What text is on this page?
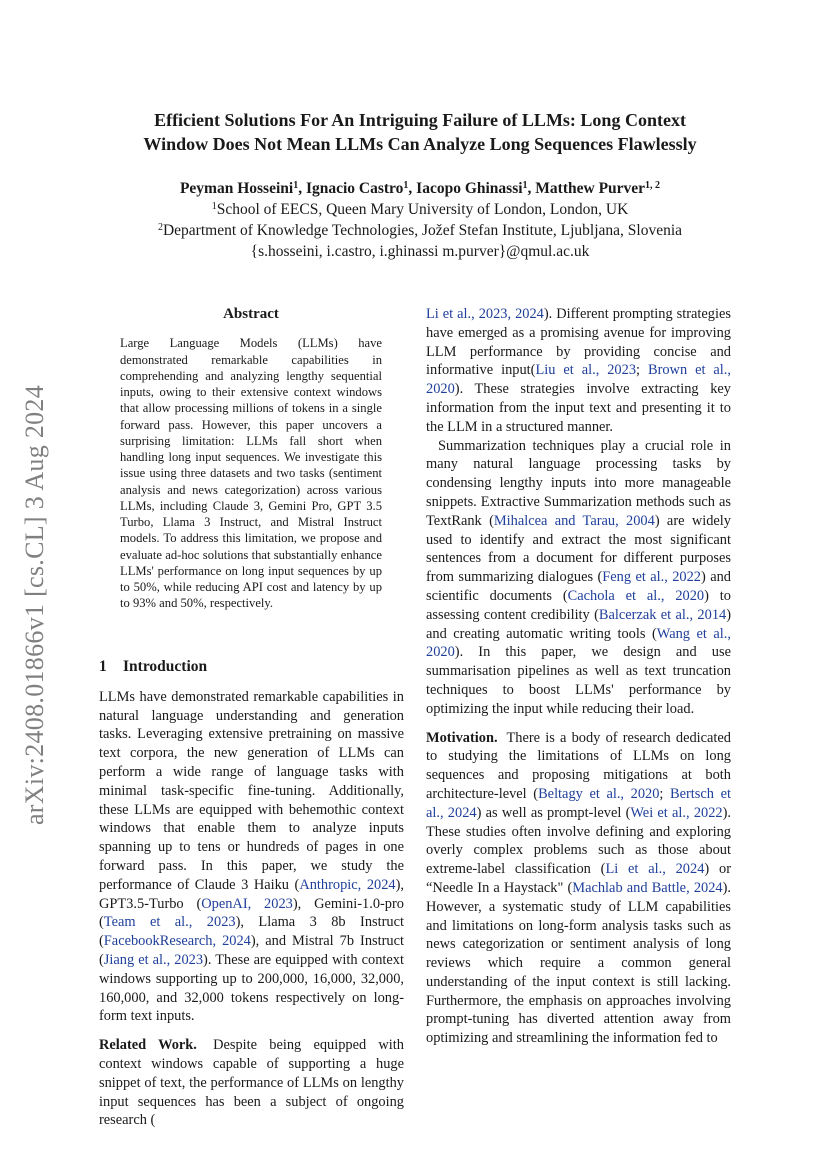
arXiv:2408.01866v1 [cs.CL] 3 Aug 2024
Efficient Solutions For An Intriguing Failure of LLMs: Long Context
Window Does Not Mean LLMs Can Analyze Long Sequences Flawlessly
Peyman Hosseini$^1$, Ignacio Castro$^1$, Iacopo Ghinassi$^1$, Matthew Purver$^{1, 2}$
$^1$School of EECS, Queen Mary University of London, London, UK
$^2$Department of Knowledge Technologies, Jožef Stefan Institute, Ljubljana, Slovenia
{s.hosseini, i.castro, i.ghinassi m.purver}@qmul.ac.uk
Abstract

Large Language Models (LLMs) have demonstrated remarkable capabilities in comprehending and analyzing lengthy sequential inputs, owing to their extensive context windows that allow processing millions of tokens in a single forward pass. However, this paper uncovers a surprising limitation: LLMs fall short when handling long input sequences. We investigate this issue using three datasets and two tasks (sentiment analysis and news categorization) across various LLMs, including Claude 3, Gemini Pro, GPT 3.5 Turbo, Llama 3 Instruct, and Mistral Instruct models. To address this limitation, we propose and evaluate ad-hoc solutions that substantially enhance LLMs' performance on long input sequences by up to 50%, while reducing API cost and latency by up to 93% and 50%, respectively.

1 Introduction

LLMs have demonstrated remarkable capabilities in natural language understanding and generation tasks. Leveraging extensive pretraining on massive text corpora, the new generation of LLMs can perform a wide range of language tasks with minimal task-specific fine-tuning. Additionally, these LLMs are equipped with behemothic context windows that enable them to analyze inputs spanning up to tens or hundreds of pages in one forward pass. In this paper, we study the performance of Claude 3 Haiku (Anthropic, 2024), GPT3.5-Turbo (OpenAI, 2023), Gemini-1.0-pro (Team et al., 2023), Llama 3 8b Instruct (FacebookResearch, 2024), and Mistral 7b Instruct (Jiang et al., 2023). These are equipped with context windows supporting up to 200,000, 16,000, 32,000, 160,000, and 32,000 tokens respectively on long-form text inputs.

Related Work. Despite being equipped with context windows capable of supporting a huge snippet of text, the performance of LLMs on lengthy input sequences has been a subject of ongoing research (

Li et al., 2023, 2024). Different prompting strategies have emerged as a promising avenue for improving LLM performance by providing concise and informative input(Liu et al., 2023; Brown et al., 2020). These strategies involve extracting key information from the input text and presenting it to the LLM in a structured manner.

Summarization techniques play a crucial role in many natural language processing tasks by condensing lengthy inputs into more manageable snippets. Extractive Summarization methods such as TextRank (Mihalcea and Tarau, 2004) are widely used to identify and extract the most significant sentences from a document for different purposes from summarizing dialogues (Feng et al., 2022) and scientific documents (Cachola et al., 2020) to assessing content credibility (Balcerzak et al., 2014) and creating automatic writing tools (Wang et al., 2020). In this paper, we design and use summarisation pipelines as well as text truncation techniques to boost LLMs' performance by optimizing the input while reducing their load.

Motivation. There is a body of research dedicated to studying the limitations of LLMs on long sequences and proposing mitigations at both architecture-level (Beltagy et al., 2020; Bertsch et al., 2024) as well as prompt-level (Wei et al., 2022). These studies often involve defining and exploring overly complex problems such as those about extreme-label classification (Li et al., 2024) or “Needle In a Haystack" (Machlab and Battle, 2024). However, a systematic study of LLM capabilities and limitations on long-form analysis tasks such as news categorization or sentiment analysis of long reviews which require a common general understanding of the input context is still lacking. Furthermore, the emphasis on approaches involving prompt-tuning has diverted attention away from optimizing and streamlining the information fed to
